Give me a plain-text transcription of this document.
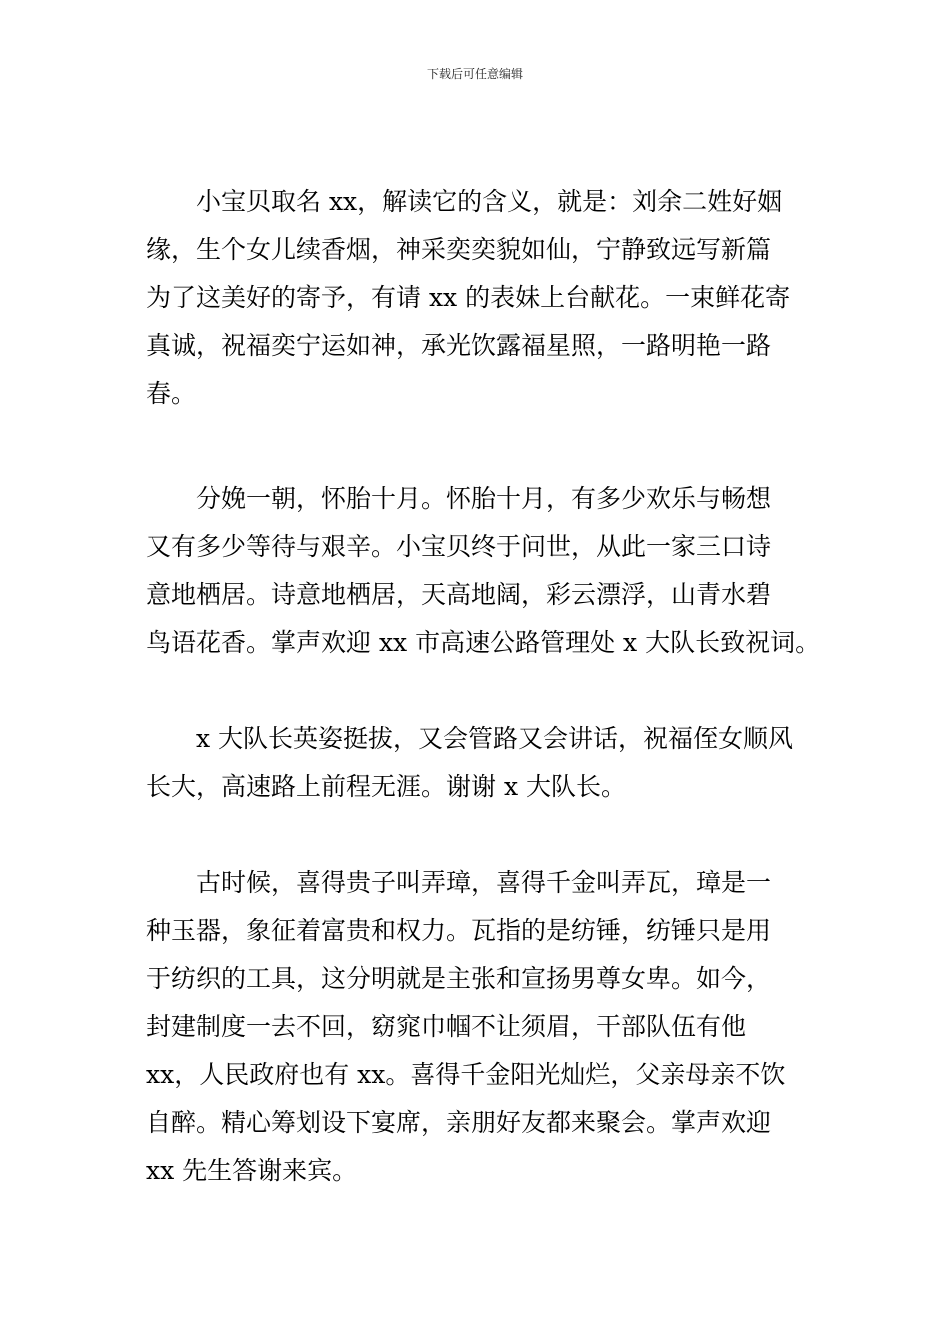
下载后可任意编辑
小宝贝取名 xx，解读它的含义，就是：刘余二姓好姻
缘，生个女儿续香烟，神采奕奕貌如仙，宁静致远写新篇
为了这美好的寄予，有请 xx 的表妹上台献花。一束鲜花寄
真诚，祝福奕宁运如神，承光饮露福星照，一路明艳一路
春。
分娩一朝，怀胎十月。怀胎十月，有多少欢乐与畅想
又有多少等待与艰辛。小宝贝终于问世，从此一家三口诗
意地栖居。诗意地栖居，天高地阔，彩云漂浮，山青水碧
鸟语花香。掌声欢迎 xx 市高速公路管理处 x 大队长致祝词。
x 大队长英姿挺拔，又会管路又会讲话，祝福侄女顺风
长大，高速路上前程无涯。谢谢 x 大队长。
古时候，喜得贵子叫弄璋，喜得千金叫弄瓦，璋是一
种玉器，象征着富贵和权力。瓦指的是纺锤，纺锤只是用
于纺织的工具，这分明就是主张和宣扬男尊女卑。如今，
封建制度一去不回，窈窕巾帼不让须眉，干部队伍有他
xx，人民政府也有 xx。喜得千金阳光灿烂，父亲母亲不饮
自醉。精心筹划设下宴席，亲朋好友都来聚会。掌声欢迎
xx 先生答谢来宾。
